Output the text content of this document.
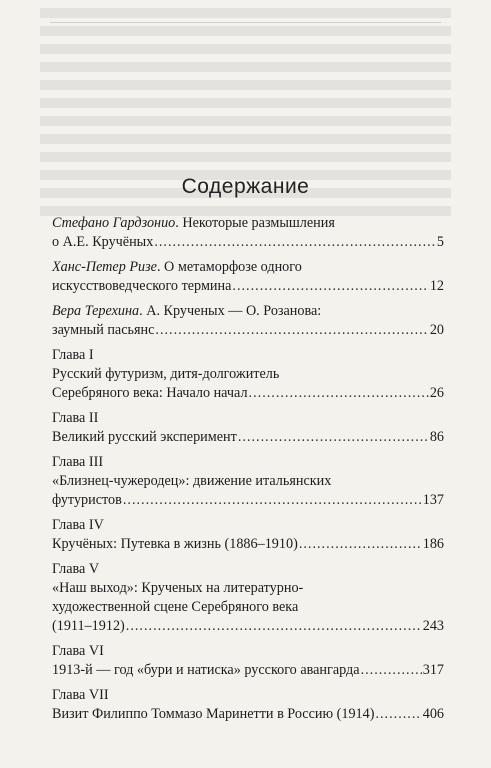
Содержание
Стефано Гардзонио. Некоторые размышления
о А.Е. Кручёных .....	5
Ханс-Петер Ризе. О метаморфозе одного
искусствоведческого термина .....	12
Вера Терехина. А. Крученых — О. Розанова:
заумный пасьянс .....	20
Глава I
Русский футуризм, дитя-долгожитель
Серебряного века: Начало начал .....	26
Глава II
Великий русский эксперимент .....	86
Глава III
«Близнец-чужеродец»: движение итальянских
футуристов .....	137
Глава IV
Кручёных: Путевка в жизнь (1886–1910) .....	186
Глава V
«Наш выход»: Крученых на литературно-
художественной сцене Серебряного века
(1911–1912) .....	243
Глава VI
1913-й — год «бури и натиска» русского авангарда .....	317
Глава VII
Визит Филиппо Томмазо Маринетти в Россию (1914) .....	406
